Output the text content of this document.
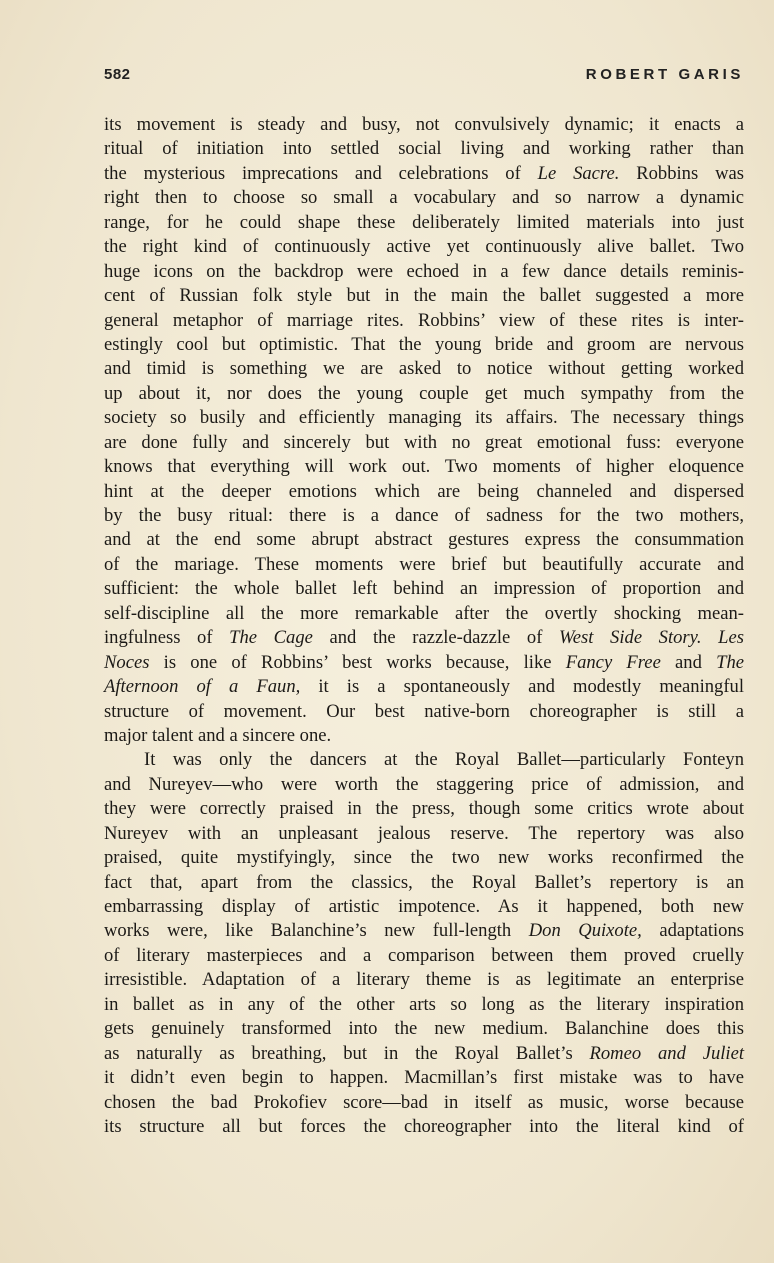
582	ROBERT GARIS
its movement is steady and busy, not convulsively dynamic; it enacts a
ritual of initiation into settled social living and working rather than
the mysterious imprecations and celebrations of Le Sacre. Robbins was
right then to choose so small a vocabulary and so narrow a dynamic
range, for he could shape these deliberately limited materials into just
the right kind of continuously active yet continuously alive ballet. Two
huge icons on the backdrop were echoed in a few dance details reminis-
cent of Russian folk style but in the main the ballet suggested a more
general metaphor of marriage rites. Robbins’ view of these rites is inter-
estingly cool but optimistic. That the young bride and groom are nervous
and timid is something we are asked to notice without getting worked
up about it, nor does the young couple get much sympathy from the
society so busily and efficiently managing its affairs. The necessary things
are done fully and sincerely but with no great emotional fuss: everyone
knows that everything will work out. Two moments of higher eloquence
hint at the deeper emotions which are being channeled and dispersed
by the busy ritual: there is a dance of sadness for the two mothers,
and at the end some abrupt abstract gestures express the consummation
of the mariage. These moments were brief but beautifully accurate and
sufficient: the whole ballet left behind an impression of proportion and
self-discipline all the more remarkable after the overtly shocking mean-
ingfulness of The Cage and the razzle-dazzle of West Side Story. Les
Noces is one of Robbins’ best works because, like Fancy Free and The
Afternoon of a Faun, it is a spontaneously and modestly meaningful
structure of movement. Our best native-born choreographer is still a
major talent and a sincere one.
It was only the dancers at the Royal Ballet—particularly Fonteyn
and Nureyev—who were worth the staggering price of admission, and
they were correctly praised in the press, though some critics wrote about
Nureyev with an unpleasant jealous reserve. The repertory was also
praised, quite mystifyingly, since the two new works reconfirmed the
fact that, apart from the classics, the Royal Ballet’s repertory is an
embarrassing display of artistic impotence. As it happened, both new
works were, like Balanchine’s new full-length Don Quixote, adaptations
of literary masterpieces and a comparison between them proved cruelly
irresistible. Adaptation of a literary theme is as legitimate an enterprise
in ballet as in any of the other arts so long as the literary inspiration
gets genuinely transformed into the new medium. Balanchine does this
as naturally as breathing, but in the Royal Ballet’s Romeo and Juliet
it didn’t even begin to happen. Macmillan’s first mistake was to have
chosen the bad Prokofiev score—bad in itself as music, worse because
its structure all but forces the choreographer into the literal kind of
